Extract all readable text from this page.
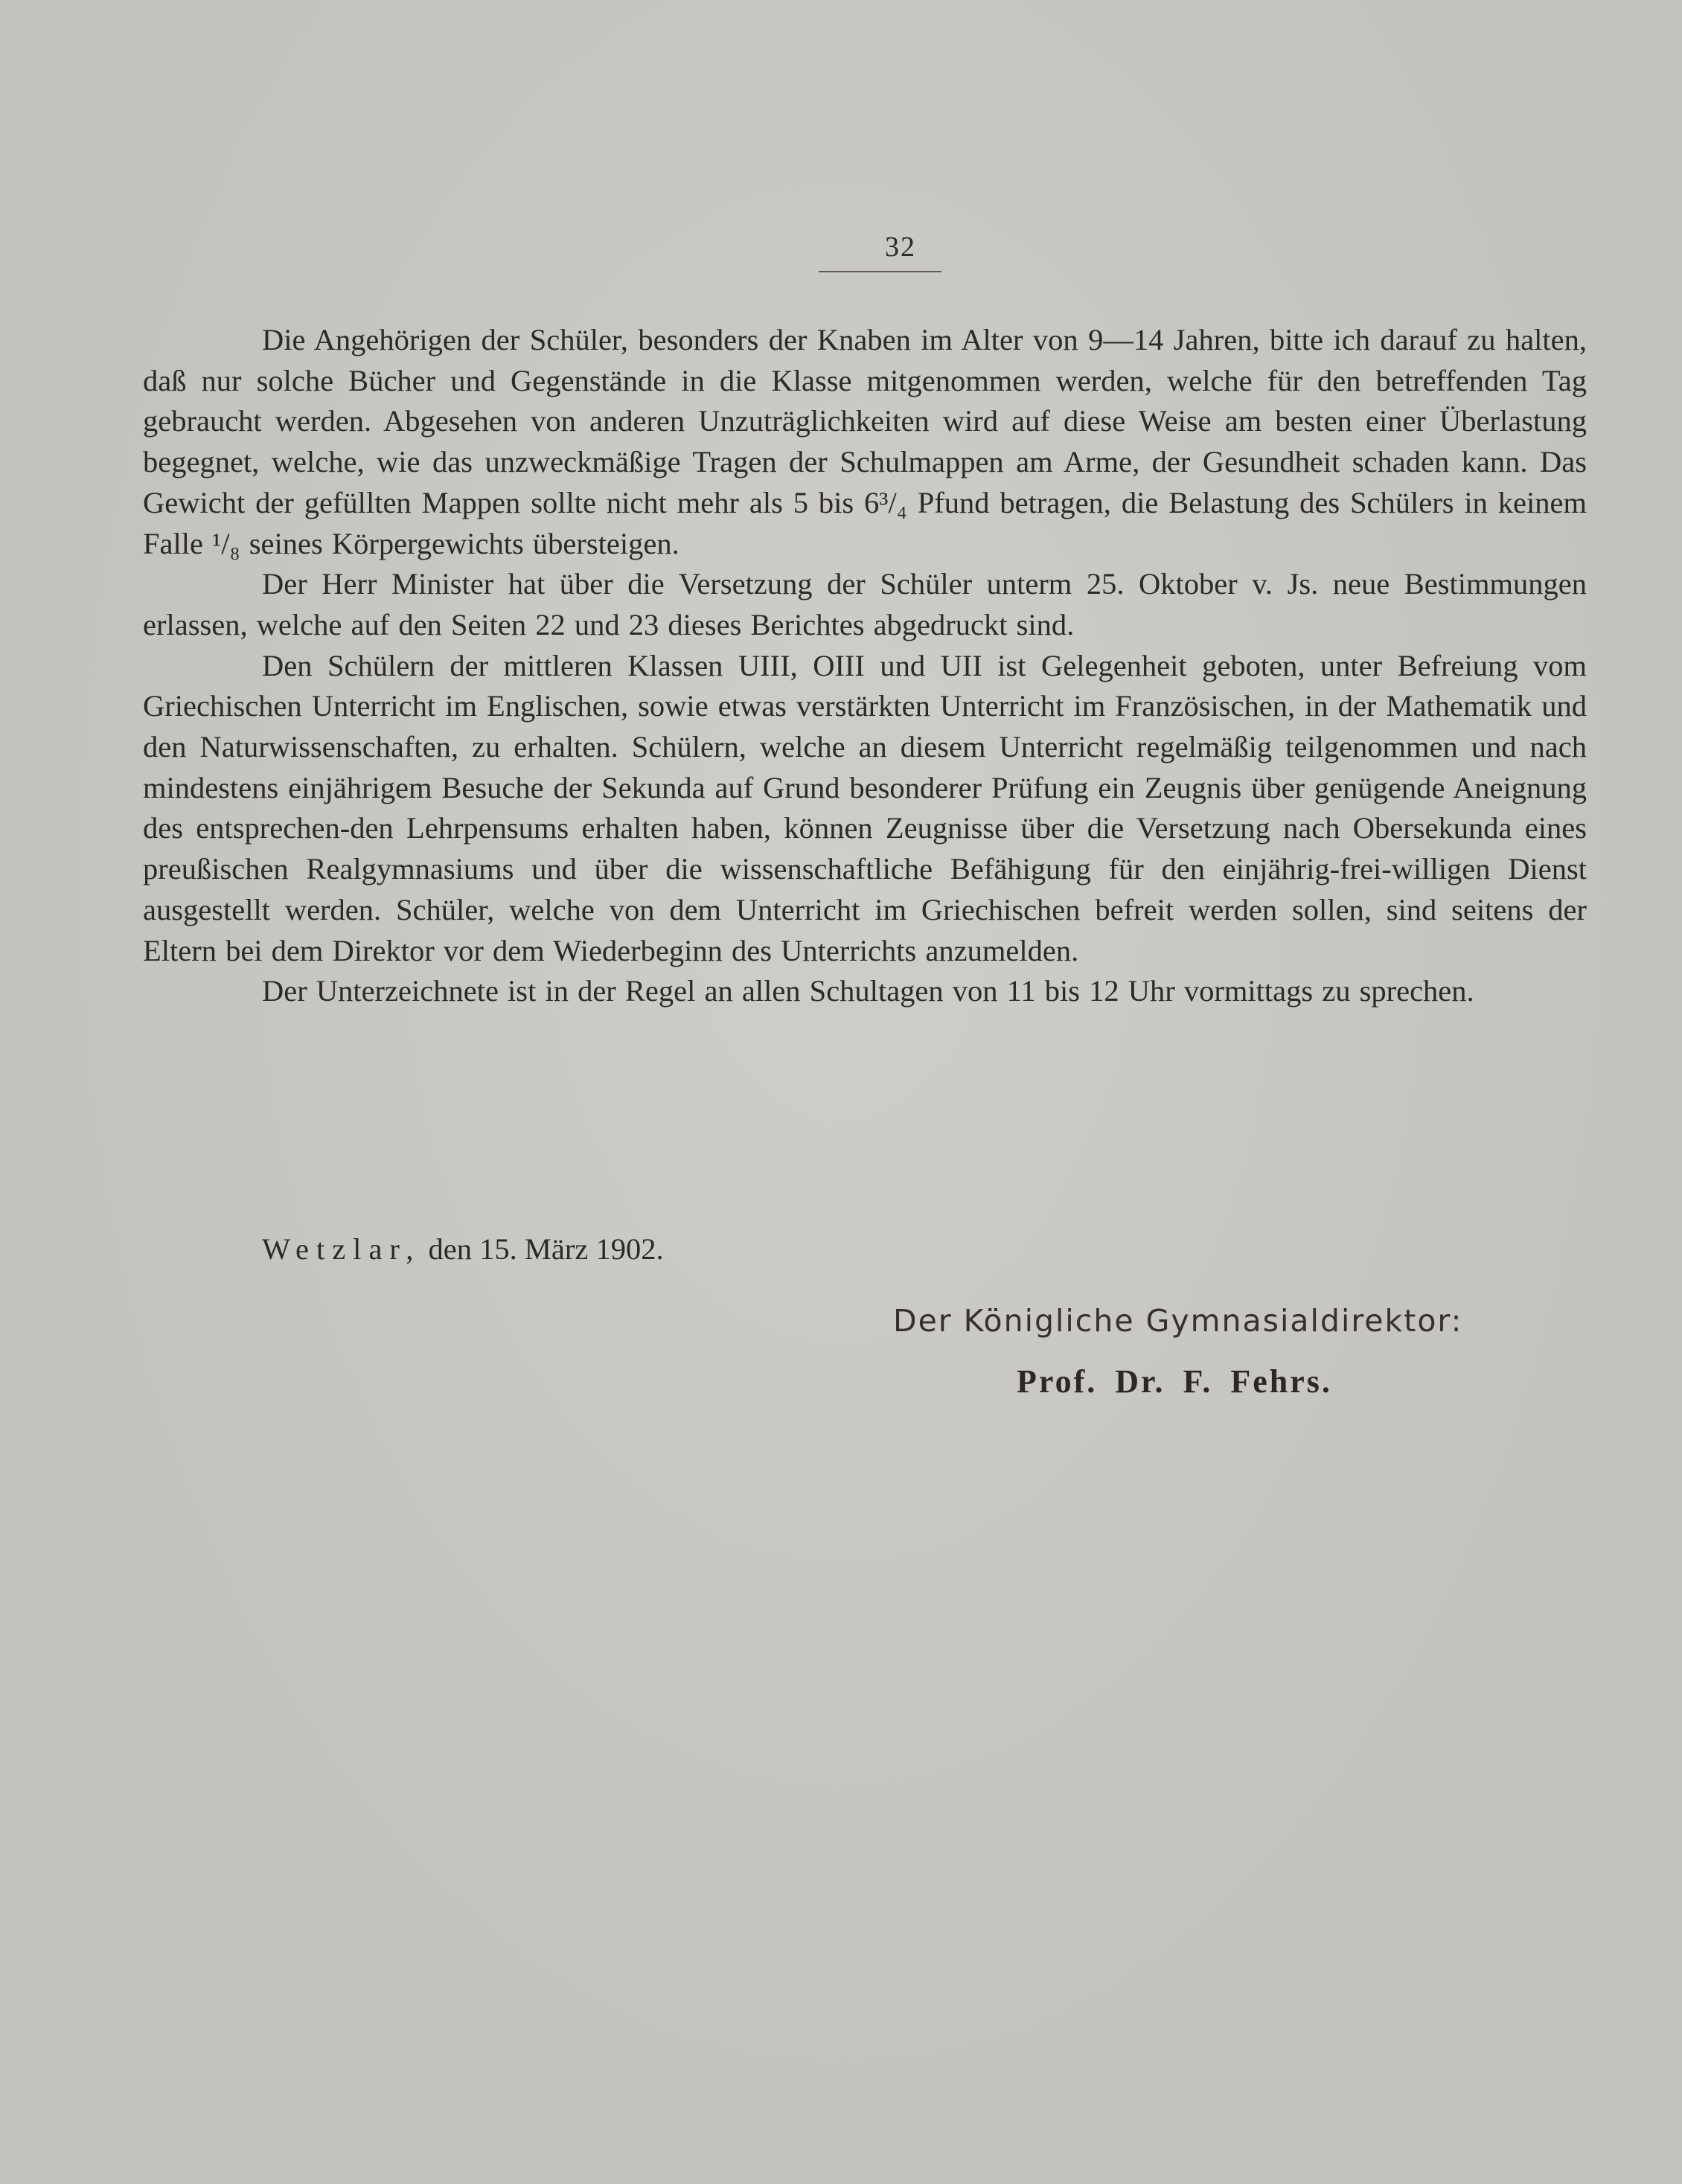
32

Die Angehörigen der Schüler, besonders der Knaben im Alter von 9—14 Jahren, bitte ich darauf zu halten, daß nur solche Bücher und Gegenstände in die Klasse mitgenommen werden, welche für den betreffenden Tag gebraucht werden. Abgesehen von anderen Unzuträglichkeiten wird auf diese Weise am besten einer Überlastung begegnet, welche, wie das unzweckmäßige Tragen der Schulmappen am Arme, der Gesundheit schaden kann. Das Gewicht der gefüllten Mappen sollte nicht mehr als 5 bis 6³/₄ Pfund betragen, die Belastung des Schülers in keinem Falle ¹/₈ seines Körpergewichts übersteigen.

Der Herr Minister hat über die Versetzung der Schüler unterm 25. Oktober v. Js. neue Bestimmungen erlassen, welche auf den Seiten 22 und 23 dieses Berichtes abgedruckt sind.

Den Schülern der mittleren Klassen UIII, OIII und UII ist Gelegenheit geboten, unter Befreiung vom Griechischen Unterricht im Englischen, sowie etwas verstärkten Unterricht im Französischen, in der Mathematik und den Naturwissenschaften, zu erhalten. Schülern, welche an diesem Unterricht regelmäßig teilgenommen und nach mindestens einjährigem Besuche der Sekunda auf Grund besonderer Prüfung ein Zeugnis über genügende Aneignung des entsprechen-den Lehrpensums erhalten haben, können Zeugnisse über die Versetzung nach Obersekunda eines preußischen Realgymnasiums und über die wissenschaftliche Befähigung für den einjährig-frei-willigen Dienst ausgestellt werden. Schüler, welche von dem Unterricht im Griechischen befreit werden sollen, sind seitens der Eltern bei dem Direktor vor dem Wiederbeginn des Unterrichts anzumelden.

Der Unterzeichnete ist in der Regel an allen Schultagen von 11 bis 12 Uhr vormittags zu sprechen.

Wetzlar, den 15. März 1902.
Der Königliche Gymnasialdirektor:
Prof. Dr. F. Fehrs.
